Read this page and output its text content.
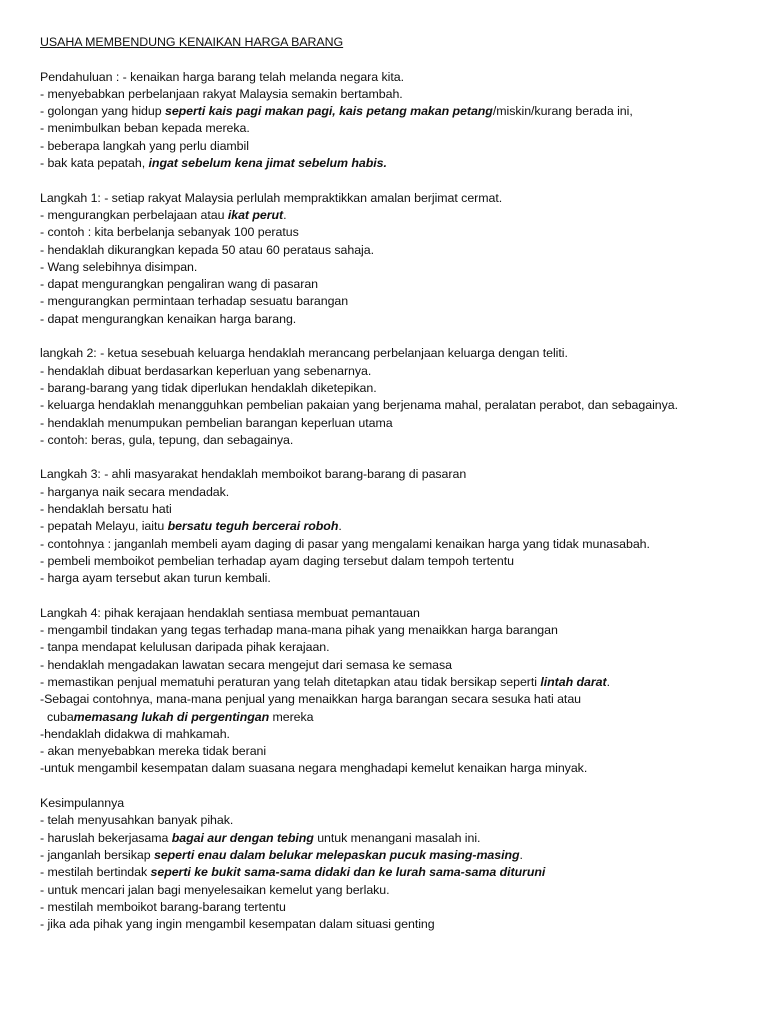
USAHA MEMBENDUNG KENAIKAN HARGA BARANG
Pendahuluan : - kenaikan harga barang telah melanda negara kita.
- menyebabkan perbelanjaan rakyat Malaysia semakin bertambah.
- golongan yang hidup seperti kais pagi makan pagi, kais petang makan petang/miskin/kurang berada ini,
- menimbulkan beban kepada mereka.
- beberapa langkah yang perlu diambil
- bak kata pepatah, ingat sebelum kena jimat sebelum habis.
Langkah 1: - setiap rakyat Malaysia perlulah mempraktikkan amalan berjimat cermat.
- mengurangkan perbelajaan atau ikat perut.
- contoh : kita berbelanja sebanyak 100 peratus
- hendaklah dikurangkan kepada 50 atau 60 perataus sahaja.
- Wang selebihnya disimpan.
- dapat mengurangkan pengaliran wang di pasaran
- mengurangkan permintaan terhadap sesuatu barangan
- dapat mengurangkan kenaikan harga barang.
langkah 2: - ketua sesebuah keluarga hendaklah merancang perbelanjaan keluarga dengan teliti.
- hendaklah dibuat berdasarkan keperluan yang sebenarnya.
- barang-barang yang tidak diperlukan hendaklah diketepikan.
- keluarga hendaklah menangguhkan pembelian pakaian yang berjenama mahal, peralatan perabot, dan sebagainya.
- hendaklah menumpukan pembelian barangan keperluan utama
- contoh: beras, gula, tepung, dan sebagainya.
Langkah 3: - ahli masyarakat hendaklah memboikot barang-barang di pasaran
- harganya naik secara mendadak.
- hendaklah bersatu hati
- pepatah Melayu, iaitu bersatu teguh bercerai roboh.
- contohnya : janganlah membeli ayam daging di pasar yang mengalami kenaikan harga yang tidak munasabah.
- pembeli memboikot pembelian terhadap ayam daging tersebut dalam tempoh tertentu
- harga ayam tersebut akan turun kembali.
Langkah 4: pihak kerajaan hendaklah sentiasa membuat pemantauan
- mengambil tindakan yang tegas terhadap mana-mana pihak yang menaikkan harga barangan
- tanpa mendapat kelulusan daripada pihak kerajaan.
- hendaklah mengadakan lawatan secara mengejut dari semasa ke semasa
- memastikan penjual mematuhi peraturan yang telah ditetapkan atau tidak bersikap seperti lintah darat.
-Sebagai contohnya, mana-mana penjual yang menaikkan harga barangan secara sesuka hati atau
cubamemasang lukah di pergentingan mereka
-hendaklah didakwa di mahkamah.
- akan menyebabkan mereka tidak berani
-untuk mengambil kesempatan dalam suasana negara menghadapi kemelut kenaikan harga minyak.
Kesimpulannya
- telah menyusahkan banyak pihak.
- haruslah bekerjasama bagai aur dengan tebing untuk menangani masalah ini.
- janganlah bersikap seperti enau dalam belukar melepaskan pucuk masing-masing.
- mestilah bertindak seperti ke bukit sama-sama didaki dan ke lurah sama-sama dituruni
- untuk mencari jalan bagi menyelesaikan kemelut yang berlaku.
- mestilah memboikot barang-barang tertentu
- jika ada pihak yang ingin mengambil kesempatan dalam situasi genting
